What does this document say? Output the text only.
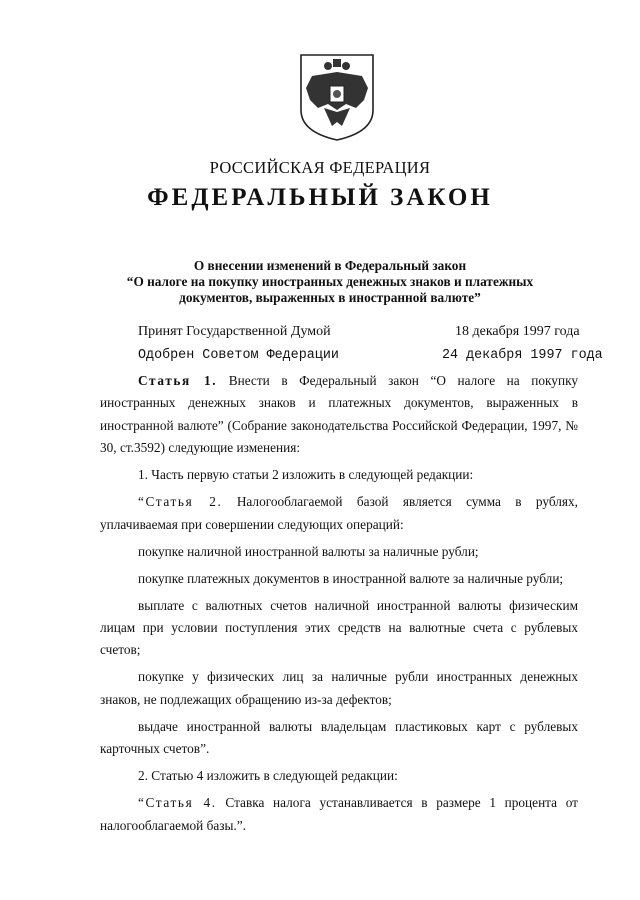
РОССИЙСКАЯ ФЕДЕРАЦИЯ
ФЕДЕРАЛЬНЫЙ ЗАКОН
О внесении изменений в Федеральный закон
“О налоге на покупку иностранных денежных знаков и платежных
документов, выраженных в иностранной валюте”
Принят Государственной Думой	18 декабря 1997 года
Одобрен Советом Федерации	24 декабря 1997 года

Статья 1. Внести в Федеральный закон “О налоге на покупку иностранных денежных знаков и платежных документов, выраженных в иностранной валюте” (Собрание законодательства Российской Федерации, 1997, № 30, ст.3592) следующие изменения:

1. Часть первую статьи 2 изложить в следующей редакции:

“Статья 2. Налогооблагаемой базой является сумма в рублях, уплачиваемая при совершении следующих операций:

покупке наличной иностранной валюты за наличные рубли;

покупке платежных документов в иностранной валюте за наличные рубли;

выплате с валютных счетов наличной иностранной валюты физическим лицам при условии поступления этих средств на валютные счета с рублевых счетов;

покупке у физических лиц за наличные рубли иностранных денежных знаков, не подлежащих обращению из-за дефектов;

выдаче иностранной валюты владельцам пластиковых карт с рублевых карточных счетов”.

2. Статью 4 изложить в следующей редакции:

“Статья 4. Ставка налога устанавливается в размере 1 процента от налогооблагаемой базы.”.
